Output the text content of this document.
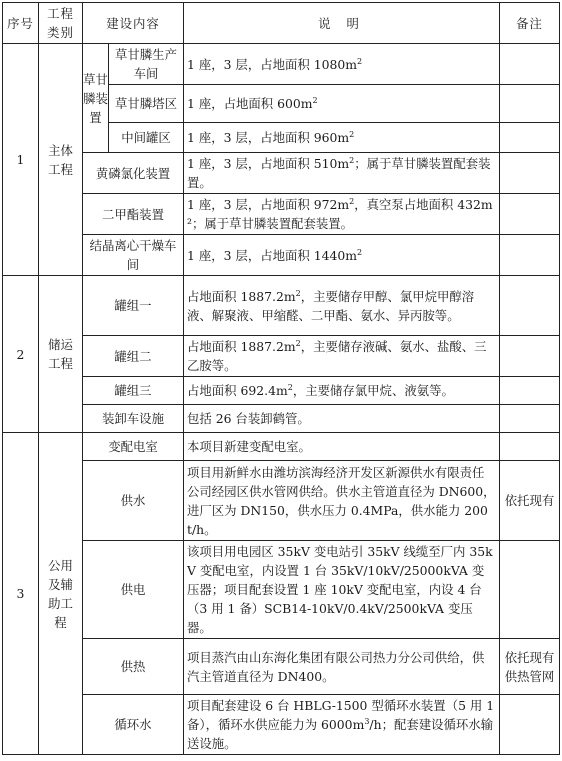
序号	工程类别	建设内容		说 明	备注
1	主体工程	草甘膦装置	草甘膦生产车间	1 座，3 层，占地面积 $1080m^2$	
			草甘膦塔区	1 座，占地面积 $600m^2$	
			中间罐区	1 座，3 层，占地面积 $960m^2$	
		黄磷氯化装置		1 座，3 层，占地面积 $510m^2$；属于草甘膦装置配套装置。	
		二甲酯装置		1 座，3 层，占地面积 $972m^2$，真空泵占地面积 432m²；属于草甘膦装置配套装置。	
		结晶离心干燥车间		1 座，3 层，占地面积 $1440m^2$	
2	储运工程	罐组一		占地面积 $1887.2m^2$，主要储存甲醇、氯甲烷甲醇溶液、解聚液、甲缩醛、二甲酯、氨水、异丙胺等。	
		罐组二		占地面积 $1887.2m^2$，主要储存液碱、氨水、盐酸、三乙胺等。	
		罐组三		占地面积 $692.4m^2$，主要储存氯甲烷、液氨等。	
		装卸车设施		包括 26 台装卸鹤管。	
3	公用及辅助工程	变配电室		本项目新建变配电室。	
		供水		项目用新鲜水由潍坊滨海经济开发区新源供水有限责任公司经园区供水管网供给。供水主管道直径为 DN600，进厂区为 DN150，供水压力 0.4MPa，供水能力 200t/h。	依托现有
		供电		该项目用电园区 35kV 变电站引 35kV 线缆至厂内 35kV 变配电室，内设置 1 台 35kV/10kV/25000kVA 变压器；项目配套设置 1 座 10kV 变配电室，内设 4 台（3 用 1 备）SCB14-10kV/0.4kV/2500kVA 变压器。	
		供热		项目蒸汽由山东海化集团有限公司热力分公司供给，供汽主管道直径为 DN400。	依托现有供热管网
		循环水		项目配套建设 6 台 HBLG-1500 型循环水装置（5 用 1 备），循环水供应能力为 $6000m^3/h$；配套建设循环水输送设施。	
